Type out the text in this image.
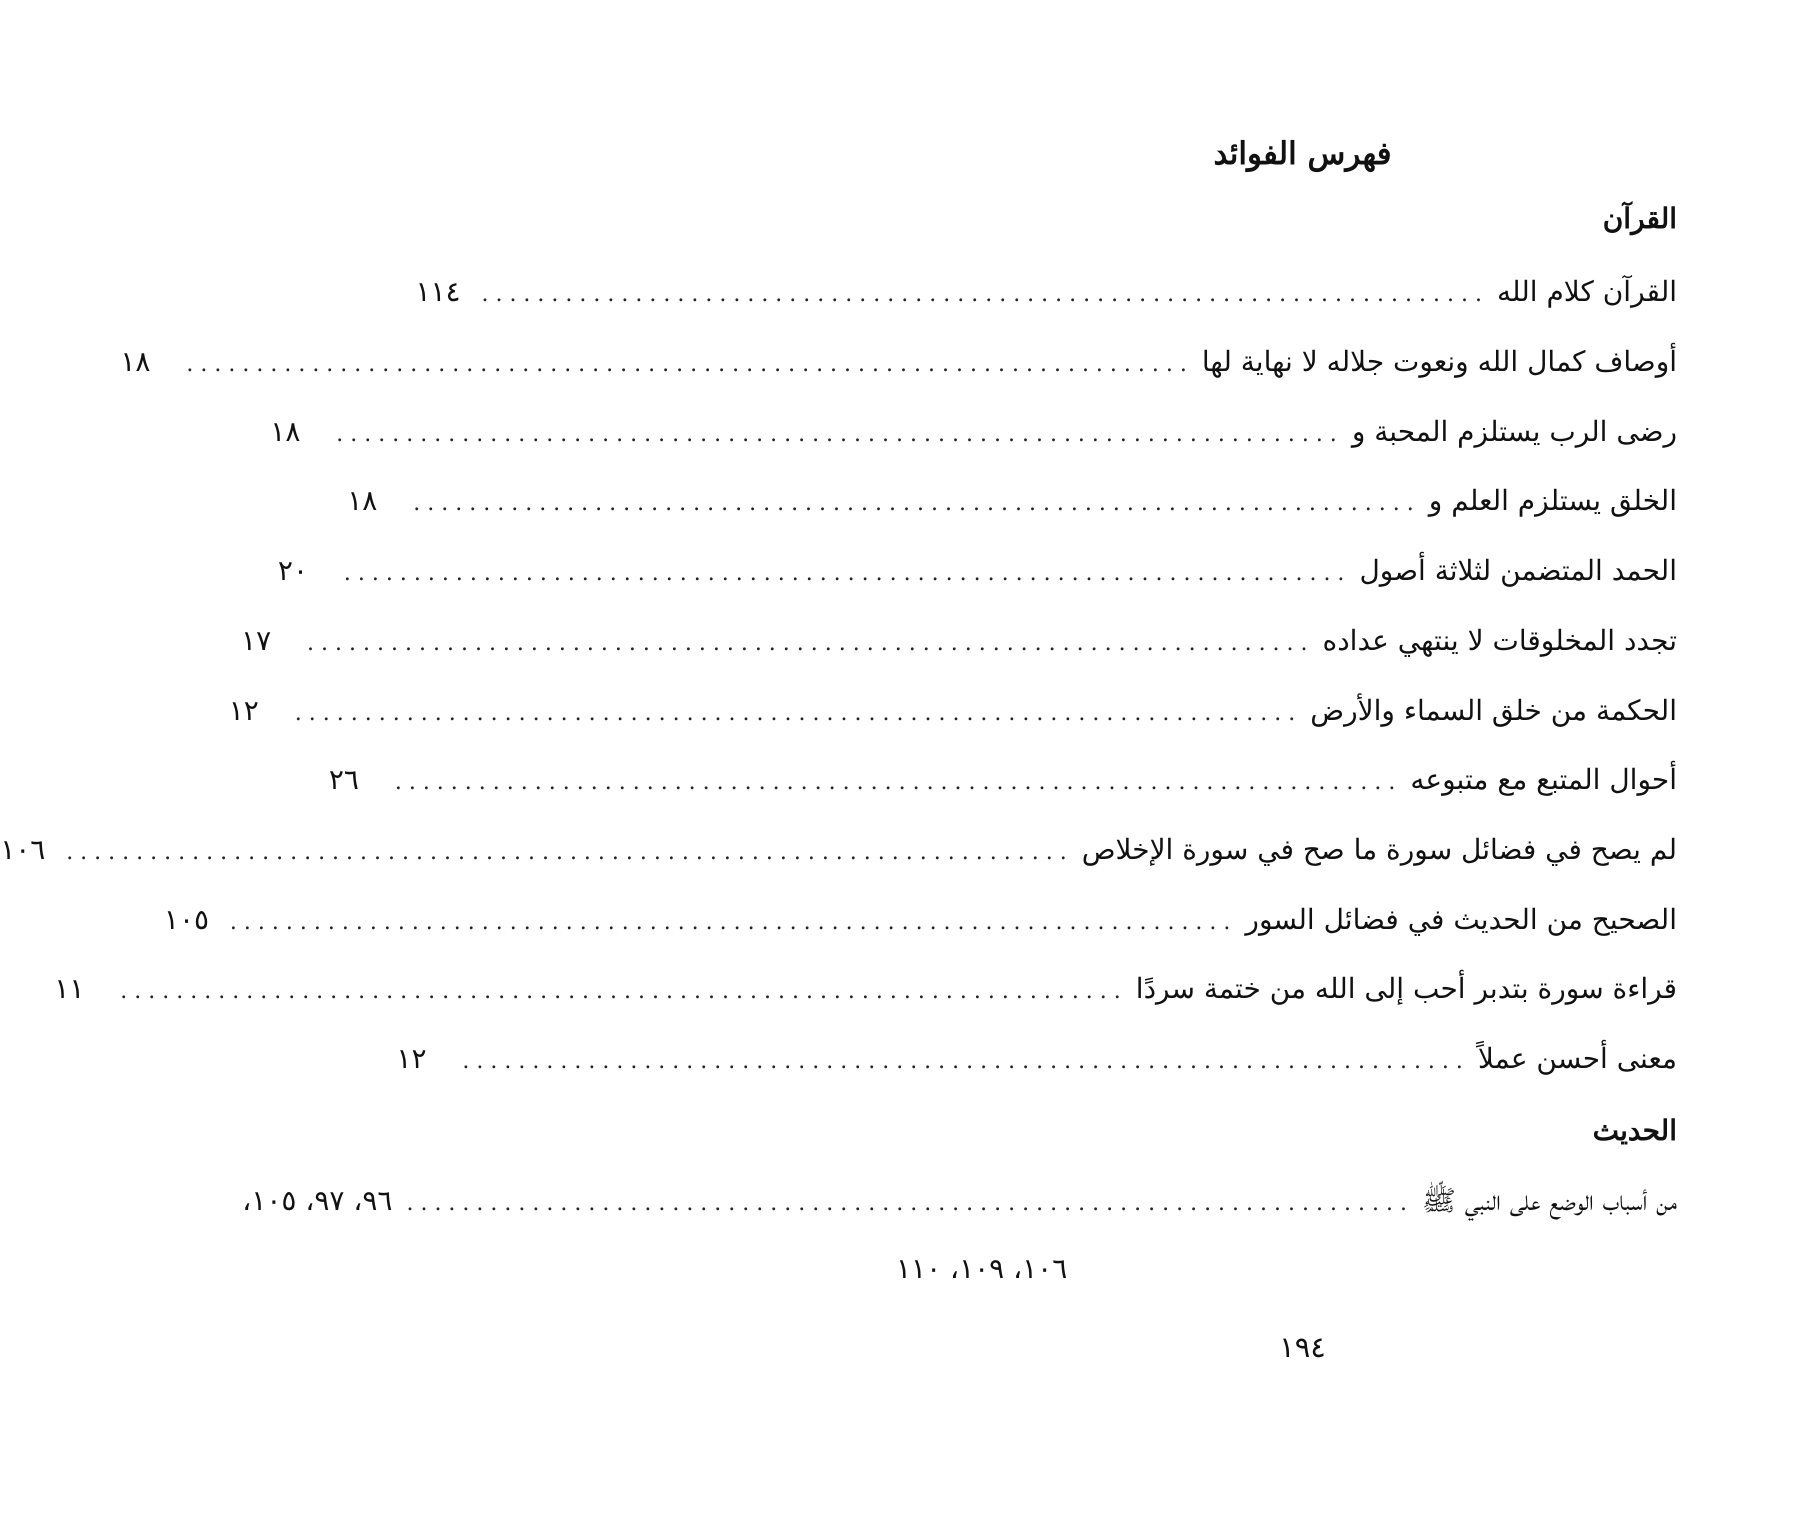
فهرس الفوائد
القرآن
القرآن كلام الله
........................................................................
١١٤
أوصاف كمال الله ونعوت جلاله لا نهاية لها
........................................................................
١٨
رضى الرب يستلزم المحبة و
........................................................................
١٨
الخلق يستلزم العلم و
........................................................................
١٨
الحمد المتضمن لثلاثة أصول
........................................................................
٢٠
تجدد المخلوقات لا ينتهي عداده
........................................................................
١٧
الحكمة من خلق السماء والأرض
........................................................................
١٢
أحوال المتبع مع متبوعه
........................................................................
٢٦
لم يصح في فضائل سورة ما صح في سورة الإخلاص
........................................................................
١٠٦
الصحيح من الحديث في فضائل السور
........................................................................
١٠٥
قراءة سورة بتدبر أحب إلى الله من ختمة سردًا
........................................................................
١١
معنى أحسن عملاً
........................................................................
١٢
الحديث
من أسباب الوضع على النبي ﷺ
........................................................................
٩٦، ٩٧، ١٠٥،
١٠٦، ١٠٩، ١١٠
١٩٤
